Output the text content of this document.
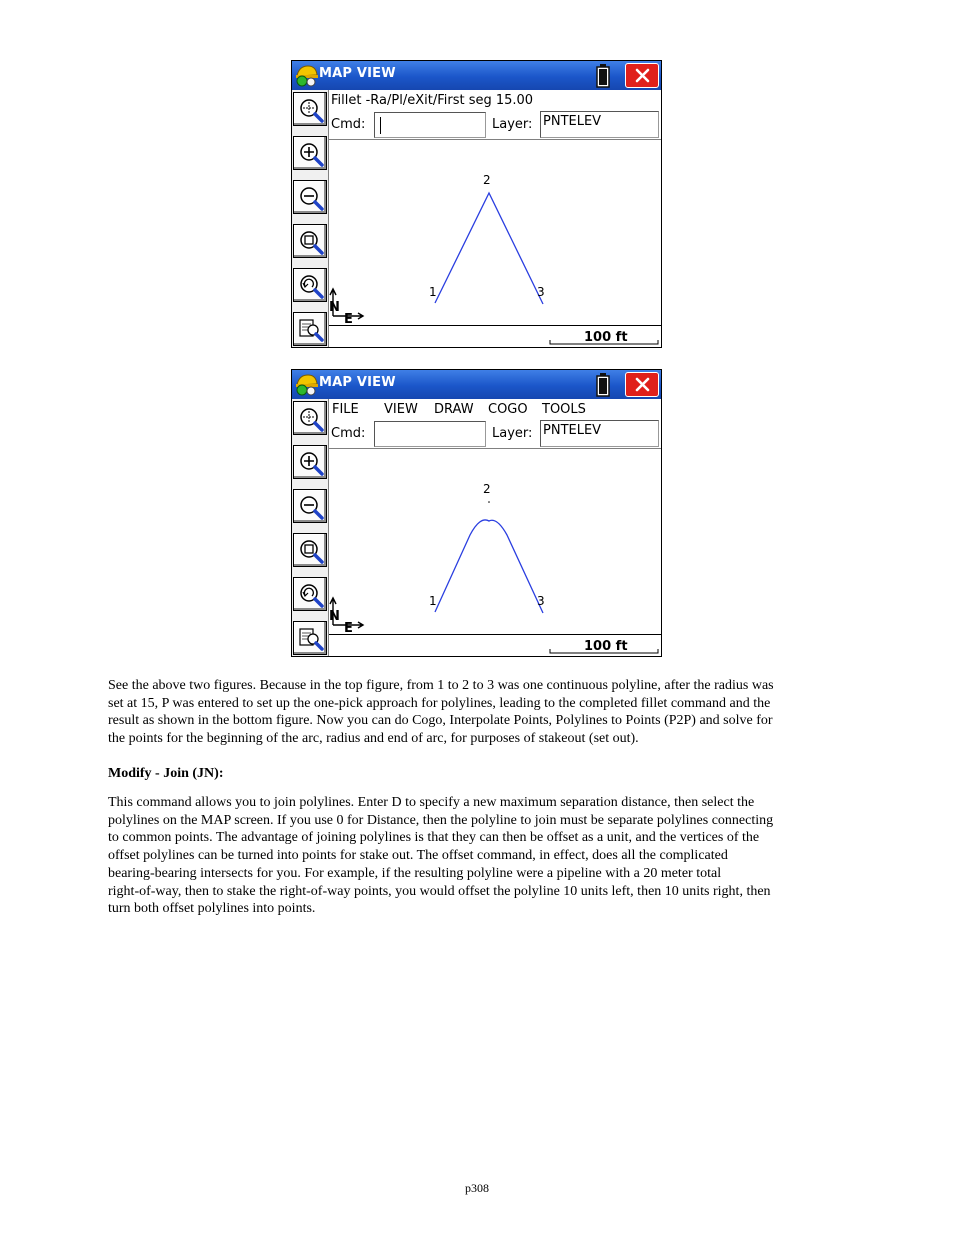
MAP VIEW
Fillet -Ra/Pl/eXit/First seg 15.00
Cmd:	Layer: PNTELEV
2
1	3
N
E
100 ft
MAP VIEW
FILE VIEW DRAW COGO TOOLS
Cmd:	Layer: PNTELEV
2
1	3
N
E
100 ft

See the above two figures. Because in the top figure, from 1 to 2 to 3 was one continuous polyline, after the radius was
set at 15, P was entered to set up the one-pick approach for polylines, leading to the completed fillet command and the
result as shown in the bottom figure. Now you can do Cogo, Interpolate Points, Polylines to Points (P2P) and solve for
the points for the beginning of the arc, radius and end of arc, for purposes of stakeout (set out).

Modify - Join (JN):

This command allows you to join polylines. Enter D to specify a new maximum separation distance, then select the
polylines on the MAP screen. If you use 0 for Distance, then the polyline to join must be separate polylines connecting
to common points. The advantage of joining polylines is that they can then be offset as a unit, and the vertices of the
offset polylines can be turned into points for stake out. The offset command, in effect, does all the complicated
bearing-bearing intersects for you. For example, if the resulting polyline were a pipeline with a 20 meter total
right-of-way, then to stake the right-of-way points, you would offset the polyline 10 units left, then 10 units right, then
turn both offset polylines into points.

p308
